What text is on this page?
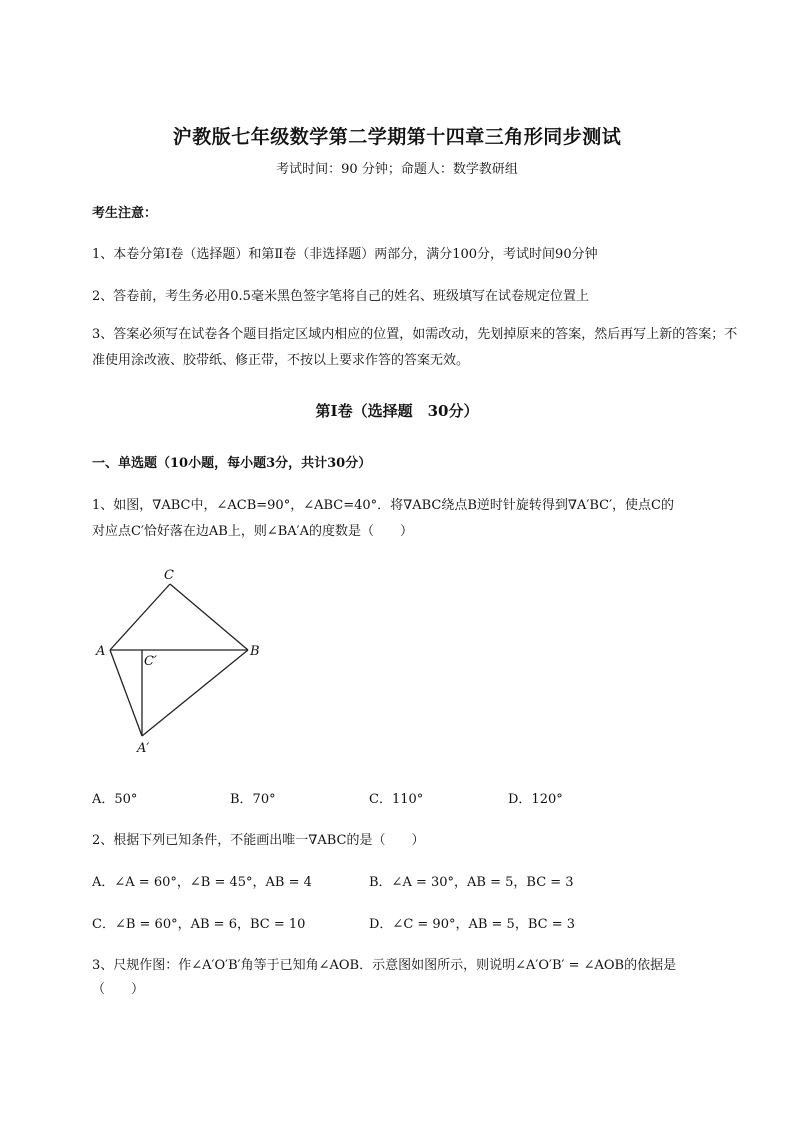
沪教版七年级数学第二学期第十四章三角形同步测试
考试时间：90 分钟；命题人：数学教研组
考生注意：
1、本卷分第Ⅰ卷（选择题）和第Ⅱ卷（非选择题）两部分，满分100分，考试时间90分钟
2、答卷前，考生务必用0.5毫米黑色签字笔将自己的姓名、班级填写在试卷规定位置上
3、答案必须写在试卷各个题目指定区域内相应的位置，如需改动，先划掉原来的答案，然后再写上新的答案；不准使用涂改液、胶带纸、修正带，不按以上要求作答的答案无效。
第Ⅰ卷（选择题　30分）
一、单选题（10小题，每小题3分，共计30分）
1、如图，∇ABC中，∠ACB=90°，∠ABC=40°．将∇ABC绕点B逆时针旋转得到∇A′BC′，使点C的
对应点C′恰好落在边AB上，则∠BA′A的度数是（　　）
C
A	B
C′
A′
A．50°	B．70°	C．110°	D．120°
2、根据下列已知条件，不能画出唯一∇ABC的是（　　）
A．∠A = 60°，∠B = 45°，AB = 4	B．∠A = 30°，AB = 5，BC = 3
C．∠B = 60°，AB = 6，BC = 10	D．∠C = 90°，AB = 5，BC = 3
3、尺规作图：作∠A′O′B′角等于已知角∠AOB．示意图如图所示，则说明∠A′O′B′ = ∠AOB的依据是
（　　）
